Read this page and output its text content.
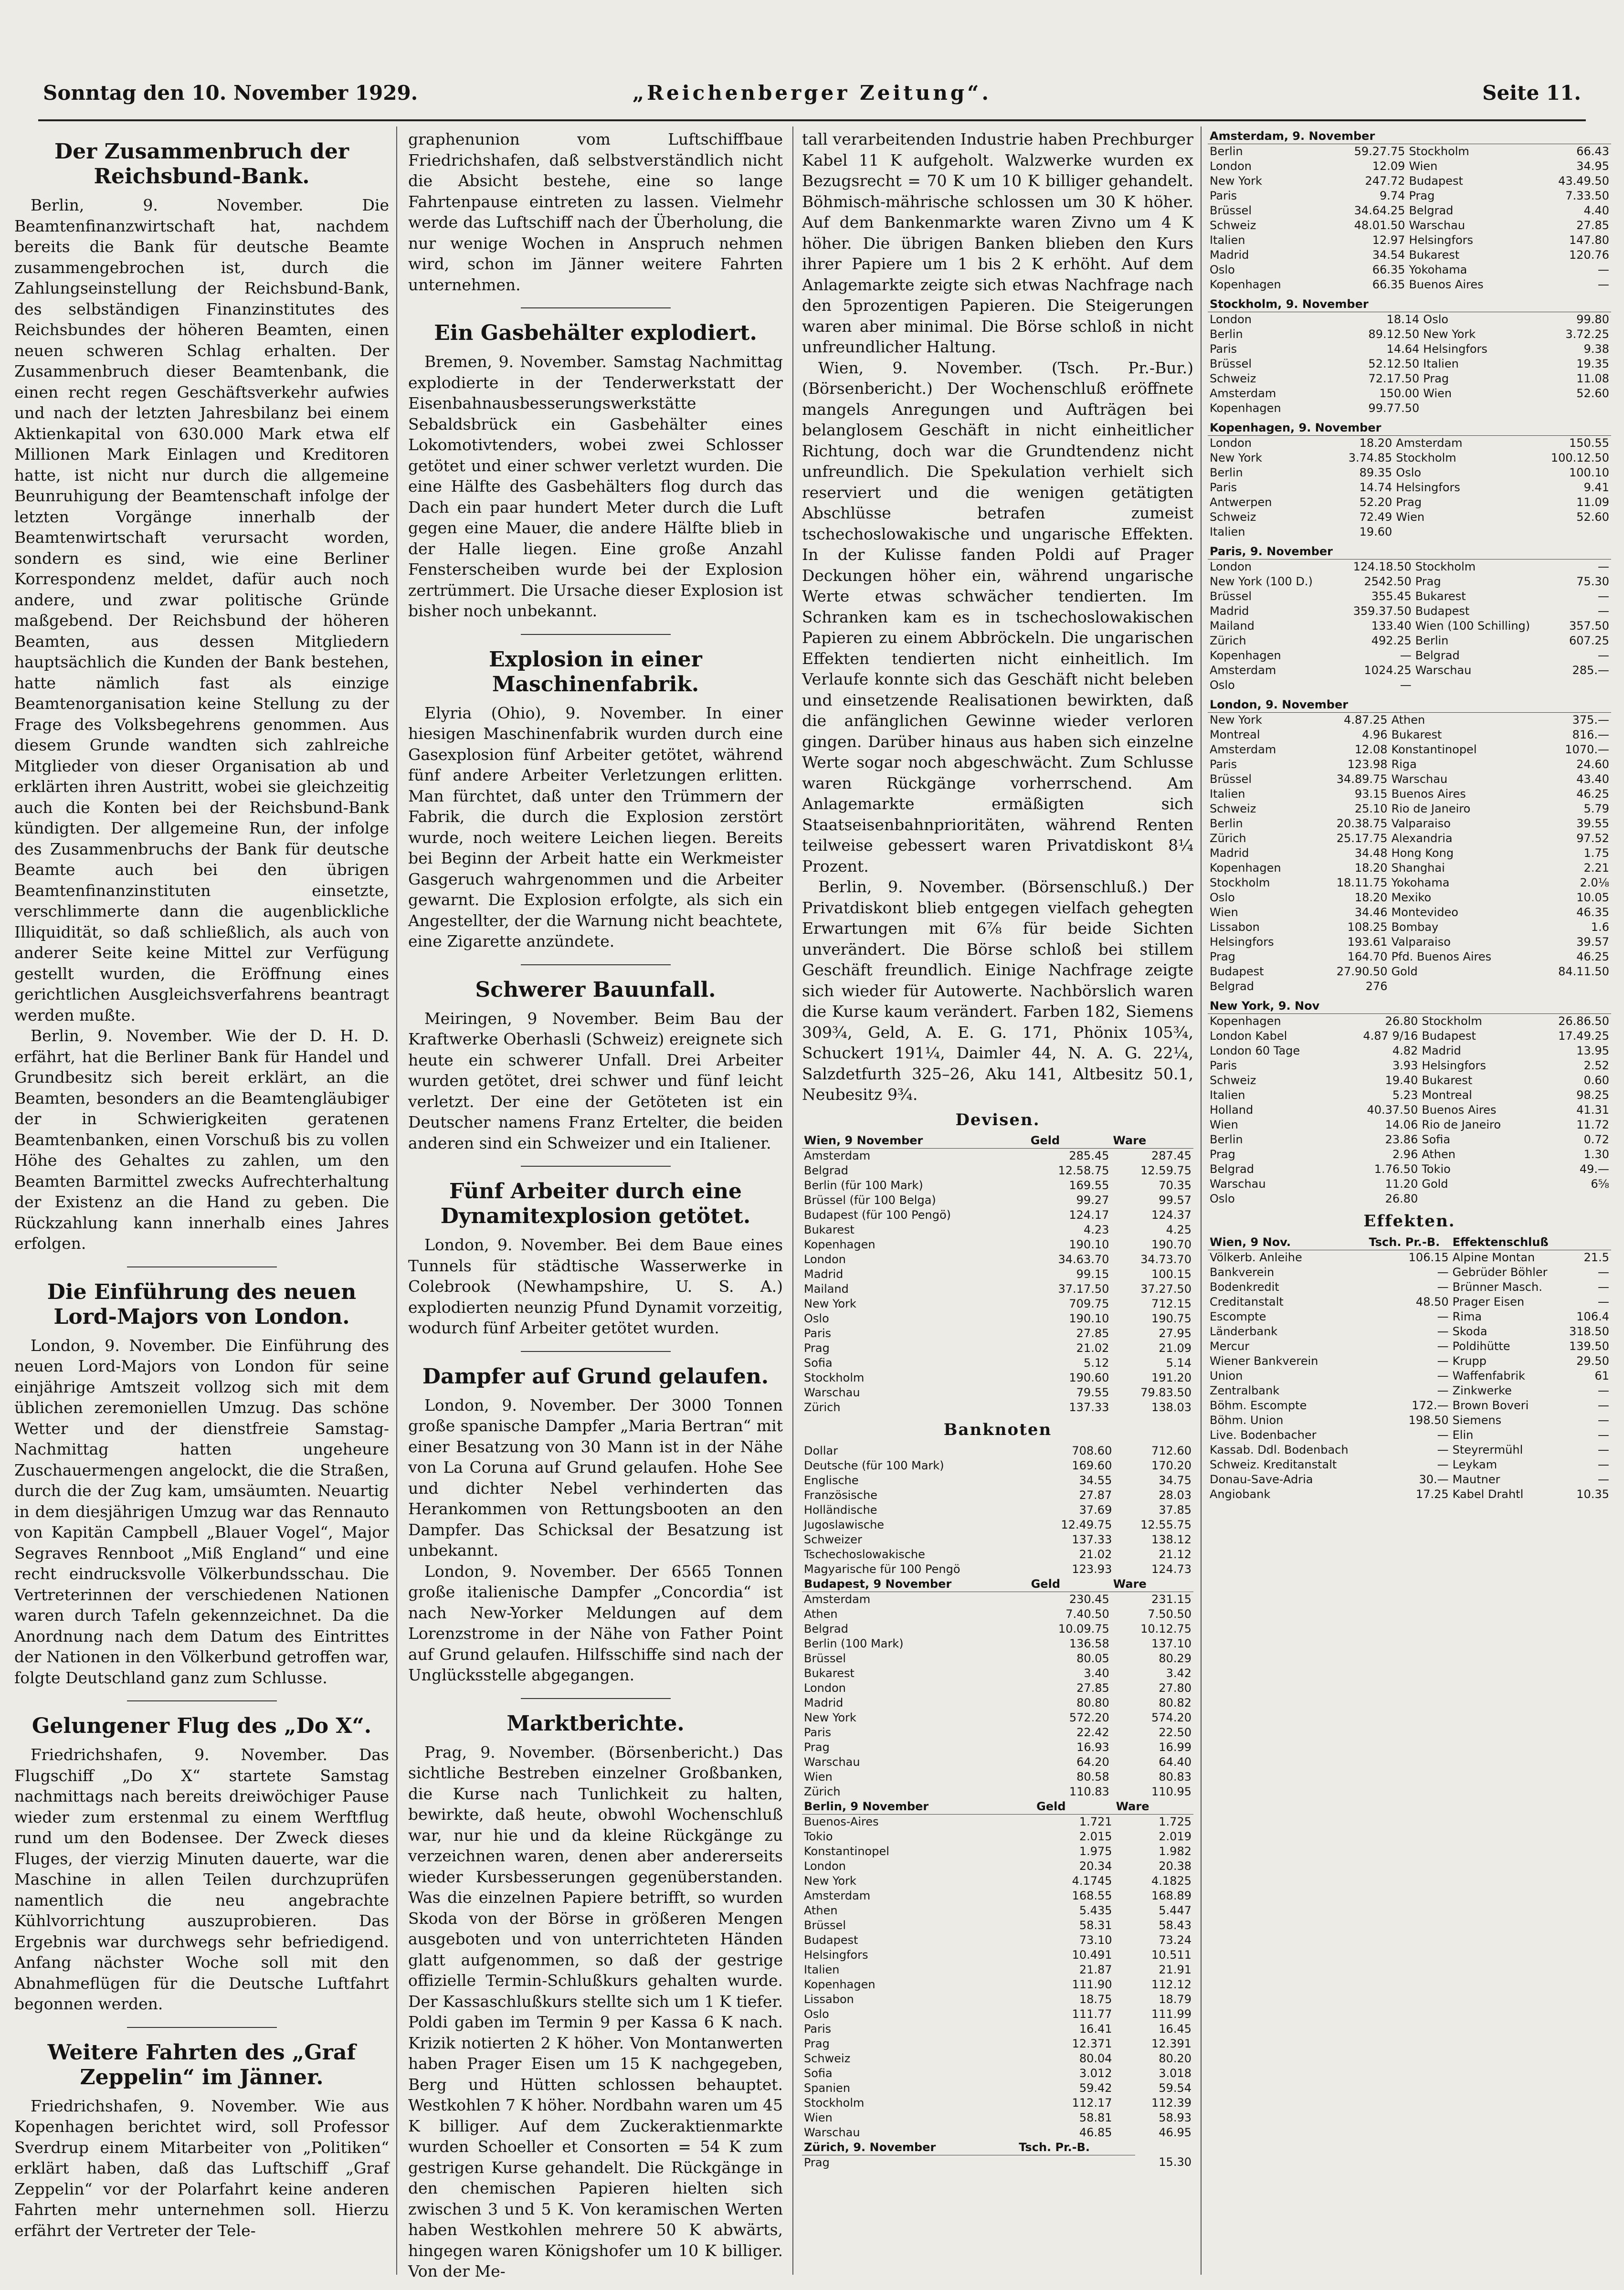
Sonntag den 10. November 1929.	„Reichenberger Zeitung“.	Seite 11.
Der Zusammenbruch der Reichsbund-Bank.

Berlin, 9. November. Die Beamtenfinanzwirtschaft hat, nachdem bereits die Bank für deutsche Beamte zusammengebrochen ist, durch die Zahlungseinstellung der Reichsbund-Bank, des selbständigen Finanzinstitutes des Reichsbundes der höheren Beamten, einen neuen schweren Schlag erhalten. Der Zusammenbruch dieser Beamtenbank, die einen recht regen Geschäftsverkehr aufwies und nach der letzten Jahresbilanz bei einem Aktienkapital von 630.000 Mark etwa elf Millionen Mark Einlagen und Kreditoren hatte, ist nicht nur durch die allgemeine Beunruhigung der Beamtenschaft infolge der letzten Vorgänge innerhalb der Beamtenwirtschaft verursacht worden, sondern es sind, wie eine Berliner Korrespondenz meldet, dafür auch noch andere, und zwar politische Gründe maßgebend. Der Reichsbund der höheren Beamten, aus dessen Mitgliedern hauptsächlich die Kunden der Bank bestehen, hatte nämlich fast als einzige Beamtenorganisation keine Stellung zu der Frage des Volksbegehrens genommen. Aus diesem Grunde wandten sich zahlreiche Mitglieder von dieser Organisation ab und erklärten ihren Austritt, wobei sie gleichzeitig auch die Konten bei der Reichsbund-Bank kündigten. Der allgemeine Run, der infolge des Zusammenbruchs der Bank für deutsche Beamte auch bei den übrigen Beamtenfinanzinstituten einsetzte, verschlimmerte dann die augenblickliche Illiquidität, so daß schließlich, als auch von anderer Seite keine Mittel zur Verfügung gestellt wurden, die Eröffnung eines gerichtlichen Ausgleichsverfahrens beantragt werden mußte.

Berlin, 9. November. Wie der D. H. D. erfährt, hat die Berliner Bank für Handel und Grundbesitz sich bereit erklärt, an die Beamten, besonders an die Beamtengläubiger der in Schwierigkeiten geratenen Beamtenbanken, einen Vorschuß bis zu vollen Höhe des Gehaltes zu zahlen, um den Beamten Barmittel zwecks Aufrechterhaltung der Existenz an die Hand zu geben. Die Rückzahlung kann innerhalb eines Jahres erfolgen.

Die Einführung des neuen Lord-Majors von London.

London, 9. November. Die Einführung des neuen Lord-Majors von London für seine einjährige Amtszeit vollzog sich mit dem üblichen zeremoniellen Umzug. Das schöne Wetter und der dienstfreie Samstag-Nachmittag hatten ungeheure Zuschauermengen angelockt, die die Straßen, durch die der Zug kam, umsäumten. Neuartig in dem diesjährigen Umzug war das Rennauto von Kapitän Campbell „Blauer Vogel“, Major Segraves Rennboot „Miß England“ und eine recht eindrucksvolle Völkerbundsschau. Die Vertreterinnen der verschiedenen Nationen waren durch Tafeln gekennzeichnet. Da die Anordnung nach dem Datum des Eintrittes der Nationen in den Völkerbund getroffen war, folgte Deutschland ganz zum Schlusse.

Gelungener Flug des „Do X“.

Friedrichshafen, 9. November. Das Flugschiff „Do X“ startete Samstag nachmittags nach bereits dreiwöchiger Pause wieder zum erstenmal zu einem Werftflug rund um den Bodensee. Der Zweck dieses Fluges, der vierzig Minuten dauerte, war die Maschine in allen Teilen durchzuprüfen namentlich die neu angebrachte Kühlvorrichtung auszuprobieren. Das Ergebnis war durchwegs sehr befriedigend. Anfang nächster Woche soll mit den Abnahmeflügen für die Deutsche Luftfahrt begonnen werden.

Weitere Fahrten des „Graf Zeppelin“ im Jänner.

Friedrichshafen, 9. November. Wie aus Kopenhagen berichtet wird, soll Professor Sverdrup einem Mitarbeiter von „Politiken“ erklärt haben, daß das Luftschiff „Graf Zeppelin“ vor der Polarfahrt keine anderen Fahrten mehr unternehmen soll. Hierzu erfährt der Vertreter der Tele-

graphenunion vom Luftschiffbaue Friedrichshafen, daß selbstverständlich nicht die Absicht bestehe, eine so lange Fahrtenpause eintreten zu lassen. Vielmehr werde das Luftschiff nach der Überholung, die nur wenige Wochen in Anspruch nehmen wird, schon im Jänner weitere Fahrten unternehmen.

Ein Gasbehälter explodiert.

Bremen, 9. November. Samstag Nachmittag explodierte in der Tenderwerkstatt der Eisenbahnausbesserungswerkstätte Sebaldsbrück ein Gasbehälter eines Lokomotivtenders, wobei zwei Schlosser getötet und einer schwer verletzt wurden. Die eine Hälfte des Gasbehälters flog durch das Dach ein paar hundert Meter durch die Luft gegen eine Mauer, die andere Hälfte blieb in der Halle liegen. Eine große Anzahl Fensterscheiben wurde bei der Explosion zertrümmert. Die Ursache dieser Explosion ist bisher noch unbekannt.

Explosion in einer Maschinenfabrik.

Elyria (Ohio), 9. November. In einer hiesigen Maschinenfabrik wurden durch eine Gasexplosion fünf Arbeiter getötet, während fünf andere Arbeiter Verletzungen erlitten. Man fürchtet, daß unter den Trümmern der Fabrik, die durch die Explosion zerstört wurde, noch weitere Leichen liegen. Bereits bei Beginn der Arbeit hatte ein Werkmeister Gasgeruch wahrgenommen und die Arbeiter gewarnt. Die Explosion erfolgte, als sich ein Angestellter, der die Warnung nicht beachtete, eine Zigarette anzündete.

Schwerer Bauunfall.

Meiringen, 9 November. Beim Bau der Kraftwerke Oberhasli (Schweiz) ereignete sich heute ein schwerer Unfall. Drei Arbeiter wurden getötet, drei schwer und fünf leicht verletzt. Der eine der Getöteten ist ein Deutscher namens Franz Ertelter, die beiden anderen sind ein Schweizer und ein Italiener.

Fünf Arbeiter durch eine Dynamitexplosion getötet.

London, 9. November. Bei dem Baue eines Tunnels für städtische Wasserwerke in Colebrook (Newhampshire, U. S. A.) explodierten neunzig Pfund Dynamit vorzeitig, wodurch fünf Arbeiter getötet wurden.

Dampfer auf Grund gelaufen.

London, 9. November. Der 3000 Tonnen große spanische Dampfer „Maria Bertran“ mit einer Besatzung von 30 Mann ist in der Nähe von La Coruna auf Grund gelaufen. Hohe See und dichter Nebel verhinderten das Herankommen von Rettungsbooten an den Dampfer. Das Schicksal der Besatzung ist unbekannt.

London, 9. November. Der 6565 Tonnen große italienische Dampfer „Concordia“ ist nach New-Yorker Meldungen auf dem Lorenzstrome in der Nähe von Father Point auf Grund gelaufen. Hilfsschiffe sind nach der Unglücksstelle abgegangen.

Marktberichte.

Prag, 9. November. (Börsenbericht.) Das sichtliche Bestreben einzelner Großbanken, die Kurse nach Tunlichkeit zu halten, bewirkte, daß heute, obwohl Wochenschluß war, nur hie und da kleine Rückgänge zu verzeichnen waren, denen aber andererseits wieder Kursbesserungen gegenüberstanden. Was die einzelnen Papiere betrifft, so wurden Skoda von der Börse in größeren Mengen ausgeboten und von unterrichteten Händen glatt aufgenommen, so daß der gestrige offizielle Termin-Schlußkurs gehalten wurde. Der Kassaschlußkurs stellte sich um 1 K tiefer. Poldi gaben im Termin 9 per Kassa 6 K nach. Krizik notierten 2 K höher. Von Montanwerten haben Prager Eisen um 15 K nachgegeben, Berg und Hütten schlossen behauptet. Westkohlen 7 K höher. Nordbahn waren um 45 K billiger. Auf dem Zuckeraktienmarkte wurden Schoeller et Consorten = 54 K zum gestrigen Kurse gehandelt. Die Rückgänge in den chemischen Papieren hielten sich zwischen 3 und 5 K. Von keramischen Werten haben Westkohlen mehrere 50 K abwärts, hingegen waren Königshofer um 10 K billiger. Von der Me-

tall verarbeitenden Industrie haben Prechburger Kabel 11 K aufgeholt. Walzwerke wurden ex Bezugsrecht = 70 K um 10 K billiger gehandelt. Böhmisch-mährische schlossen um 30 K höher. Auf dem Bankenmarkte waren Zivno um 4 K höher. Die übrigen Banken blieben den Kurs ihrer Papiere um 1 bis 2 K erhöht. Auf dem Anlagemarkte zeigte sich etwas Nachfrage nach den 5prozentigen Papieren. Die Steigerungen waren aber minimal. Die Börse schloß in nicht unfreundlicher Haltung.

Wien, 9. November. (Tsch. Pr.-Bur.) (Börsenbericht.) Der Wochenschluß eröffnete mangels Anregungen und Aufträgen bei belanglosem Geschäft in nicht einheitlicher Richtung, doch war die Grundtendenz nicht unfreundlich. Die Spekulation verhielt sich reserviert und die wenigen getätigten Abschlüsse betrafen zumeist tschechoslowakische und ungarische Effekten. In der Kulisse fanden Poldi auf Prager Deckungen höher ein, während ungarische Werte etwas schwächer tendierten. Im Schranken kam es in tschechoslowakischen Papieren zu einem Abbröckeln. Die ungarischen Effekten tendierten nicht einheitlich. Im Verlaufe konnte sich das Geschäft nicht beleben und einsetzende Realisationen bewirkten, daß die anfänglichen Gewinne wieder verloren gingen. Darüber hinaus aus haben sich einzelne Werte sogar noch abgeschwächt. Zum Schlusse waren Rückgänge vorherrschend. Am Anlagemarkte ermäßigten sich Staatseisenbahnprioritäten, während Renten teilweise gebessert waren Privatdiskont 8¼ Prozent.

Berlin, 9. November. (Börsenschluß.) Der Privatdiskont blieb entgegen vielfach gehegten Erwartungen mit 6⅞ für beide Sichten unverändert. Die Börse schloß bei stillem Geschäft freundlich. Einige Nachfrage zeigte sich wieder für Autowerte. Nachbörslich waren die Kurse kaum verändert. Farben 182, Siemens 309¾, Geld, A. E. G. 171, Phönix 105¾, Schuckert 191¼, Daimler 44, N. A. G. 22¼, Salzdetfurth 325–26, Aku 141, Altbesitz 50.1, Neubesitz 9¾.

Devisen.
Wien, 9 November	Geld	Ware
Amsterdam	285.45	287.45
Belgrad	12.58.75	12.59.75
Berlin (für 100 Mark)	169.55	70.35
Brüssel (für 100 Belga)	99.27	99.57
Budapest (für 100 Pengö)	124.17	124.37
Bukarest	4.23	4.25
Kopenhagen	190.10	190.70
London	34.63.70	34.73.70
Madrid	99.15	100.15
Mailand	37.17.50	37.27.50
New York	709.75	712.15
Oslo	190.10	190.75
Paris	27.85	27.95
Prag	21.02	21.09
Sofia	5.12	5.14
Stockholm	190.60	191.20
Warschau	79.55	79.83.50
Zürich	137.33	138.03
Banknoten
Dollar	708.60	712.60
Deutsche (für 100 Mark)	169.60	170.20
Englische	34.55	34.75
Französische	27.87	28.03
Holländische	37.69	37.85
Jugoslawische	12.49.75	12.55.75
Schweizer	137.33	138.12
Tschechoslowakische	21.02	21.12
Magyarische für 100 Pengö	123.93	124.73
Budapest, 9 November	Geld	Ware
Amsterdam	230.45	231.15
Athen	7.40.50	7.50.50
Belgrad	10.09.75	10.12.75
Berlin (100 Mark)	136.58	137.10
Brüssel	80.05	80.29
Bukarest	3.40	3.42
London	27.85	27.80
Madrid	80.80	80.82
New York	572.20	574.20
Paris	22.42	22.50
Prag	16.93	16.99
Warschau	64.20	64.40
Wien	80.58	80.83
Zürich	110.83	110.95
Berlin, 9 November	Geld	Ware
Buenos-Aires	1.721	1.725
Tokio	2.015	2.019
Konstantinopel	1.975	1.982
London	20.34	20.38
New York	4.1745	4.1825
Amsterdam	168.55	168.89
Athen	5.435	5.447
Brüssel	58.31	58.43
Budapest	73.10	73.24
Helsingfors	10.491	10.511
Italien	21.87	21.91
Kopenhagen	111.90	112.12
Lissabon	18.75	18.79
Oslo	111.77	111.99
Paris	16.41	16.45
Prag	12.371	12.391
Schweiz	80.04	80.20
Sofia	3.012	3.018
Spanien	59.42	59.54
Stockholm	112.17	112.39
Wien	58.81	58.93
Warschau	46.85	46.95
Zürich, 9. November	Tsch. Pr.-B.	
Prag		15.30
Amsterdam, 9. November			
Berlin	59.27.75	Stockholm	66.43
London	12.09	Wien	34.95
New York	247.72	Budapest	43.49.50
Paris	9.74	Prag	7.33.50
Brüssel	34.64.25	Belgrad	4.40
Schweiz	48.01.50	Warschau	27.85
Italien	12.97	Helsingfors	147.80
Madrid	34.54	Bukarest	120.76
Oslo	66.35	Yokohama	—
Kopenhagen	66.35	Buenos Aires	—
Stockholm, 9. November			
London	18.14	Oslo	99.80
Berlin	89.12.50	New York	3.72.25
Paris	14.64	Helsingfors	9.38
Brüssel	52.12.50	Italien	19.35
Schweiz	72.17.50	Prag	11.08
Amsterdam	150.00	Wien	52.60
Kopenhagen	99.77.50		
Kopenhagen, 9. November			
London	18.20	Amsterdam	150.55
New York	3.74.85	Stockholm	100.12.50
Berlin	89.35	Oslo	100.10
Paris	14.74	Helsingfors	9.41
Antwerpen	52.20	Prag	11.09
Schweiz	72.49	Wien	52.60
Italien	19.60		
Paris, 9. November			
London	124.18.50	Stockholm	—
New York (100 D.)	2542.50	Prag	75.30
Brüssel	355.45	Bukarest	—
Madrid	359.37.50	Budapest	—
Mailand	133.40	Wien (100 Schilling)	357.50
Zürich	492.25	Berlin	607.25
Kopenhagen	—	Belgrad	—
Amsterdam	1024.25	Warschau	285.—
Oslo	—		
London, 9. November			
New York	4.87.25	Athen	375.—
Montreal	4.96	Bukarest	816.—
Amsterdam	12.08	Konstantinopel	1070.—
Paris	123.98	Riga	24.60
Brüssel	34.89.75	Warschau	43.40
Italien	93.15	Buenos Aires	46.25
Schweiz	25.10	Rio de Janeiro	5.79
Berlin	20.38.75	Valparaiso	39.55
Zürich	25.17.75	Alexandria	97.52
Madrid	34.48	Hong Kong	1.75
Kopenhagen	18.20	Shanghai	2.21
Stockholm	18.11.75	Yokohama	2.0⅛
Oslo	18.20	Mexiko	10.05
Wien	34.46	Montevideo	46.35
Lissabon	108.25	Bombay	1.6
Helsingfors	193.61	Valparaiso	39.57
Prag	164.70	Pfd. Buenos Aires	46.25
Budapest	27.90.50	Gold	84.11.50
Belgrad	276		
New York, 9. Nov			
Kopenhagen	26.80	Stockholm	26.86.50
London Kabel	4.87 9/16	Budapest	17.49.25
London 60 Tage	4.82	Madrid	13.95
Paris	3.93	Helsingfors	2.52
Schweiz	19.40	Bukarest	0.60
Italien	5.23	Montreal	98.25
Holland	40.37.50	Buenos Aires	41.31
Wien	14.06	Rio de Janeiro	11.72
Berlin	23.86	Sofia	0.72
Prag	2.96	Athen	1.30
Belgrad	1.76.50	Tokio	49.—
Warschau	11.20	Gold	6⅝
Oslo	26.80		
Effekten.
Wien, 9 Nov.	Tsch. Pr.-B.	Effektenschluß	
Völkerb. Anleihe	106.15	Alpine Montan	21.5
Bankverein	—	Gebrüder Böhler	—
Bodenkredit	—	Brünner Masch.	—
Creditanstalt	48.50	Prager Eisen	—
Escompte	—	Rima	106.4
Länderbank	—	Skoda	318.50
Mercur	—	Poldihütte	139.50
Wiener Bankverein	—	Krupp	29.50
Union	—	Waffenfabrik	61
Zentralbank	—	Zinkwerke	—
Böhm. Escompte	172.—	Brown Boveri	—
Böhm. Union	198.50	Siemens	—
Live. Bodenbacher	—	Elin	—
Kassab. Ddl. Bodenbach	—	Steyrermühl	—
Schweiz. Kreditanstalt	—	Leykam	—
Donau-Save-Adria	30.—	Mautner	—
Angiobank	17.25	Kabel Drahtl	10.35
